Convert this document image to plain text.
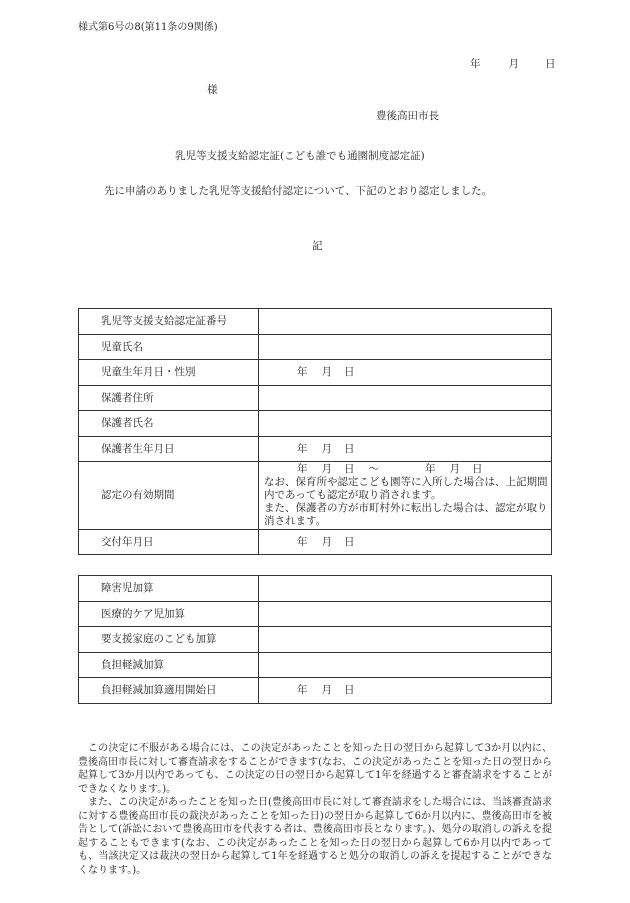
様式第6号の8(第11条の9関係)
年	月 日
様
豊後高田市長
乳児等支援支給認定証(こども誰でも通園制度認定証)
先に申請のありました乳児等支援給付認定について、下記のとおり認定しました。
記
乳児等支援支給認定証番号	
児童氏名	
児童生年月日・性別	年 月 日
保護者住所	
保護者氏名	
保護者生年月日	年 月 日
認定の有効期間	年 月 日 ～ 年 月 日
なお、保育所や認定こども園等に入所した場合は、上記期間内であっても認定が取り消されます。
また、保護者の方が市町村外に転出した場合は、認定が取り消されます。

交付年月日	年 月 日
障害児加算	
医療的ケア児加算	
要支援家庭のこども加算	
負担軽減加算	
負担軽減加算適用開始日	年 月 日

この決定に不服がある場合には、この決定があったことを知った日の翌日から起算して3か月以内に、豊後高田市長に対して審査請求をすることができます(なお、この決定があったことを知った日の翌日から起算して3か月以内であっても、この決定の日の翌日から起算して1年を経過すると審査請求をすることができなくなります。)。

また、この決定があったことを知った日(豊後高田市長に対して審査請求をした場合には、当該審査請求に対する豊後高田市長の裁決があったことを知った日)の翌日から起算して6か月以内に、豊後高田市を被告として(訴訟において豊後高田市を代表する者は、豊後高田市長となります。)、処分の取消しの訴えを提起することもできます(なお、この決定があったことを知った日の翌日から起算して6か月以内であっても、当該決定又は裁決の翌日から起算して1年を経過すると処分の取消しの訴えを提起することができなくなります。)。
